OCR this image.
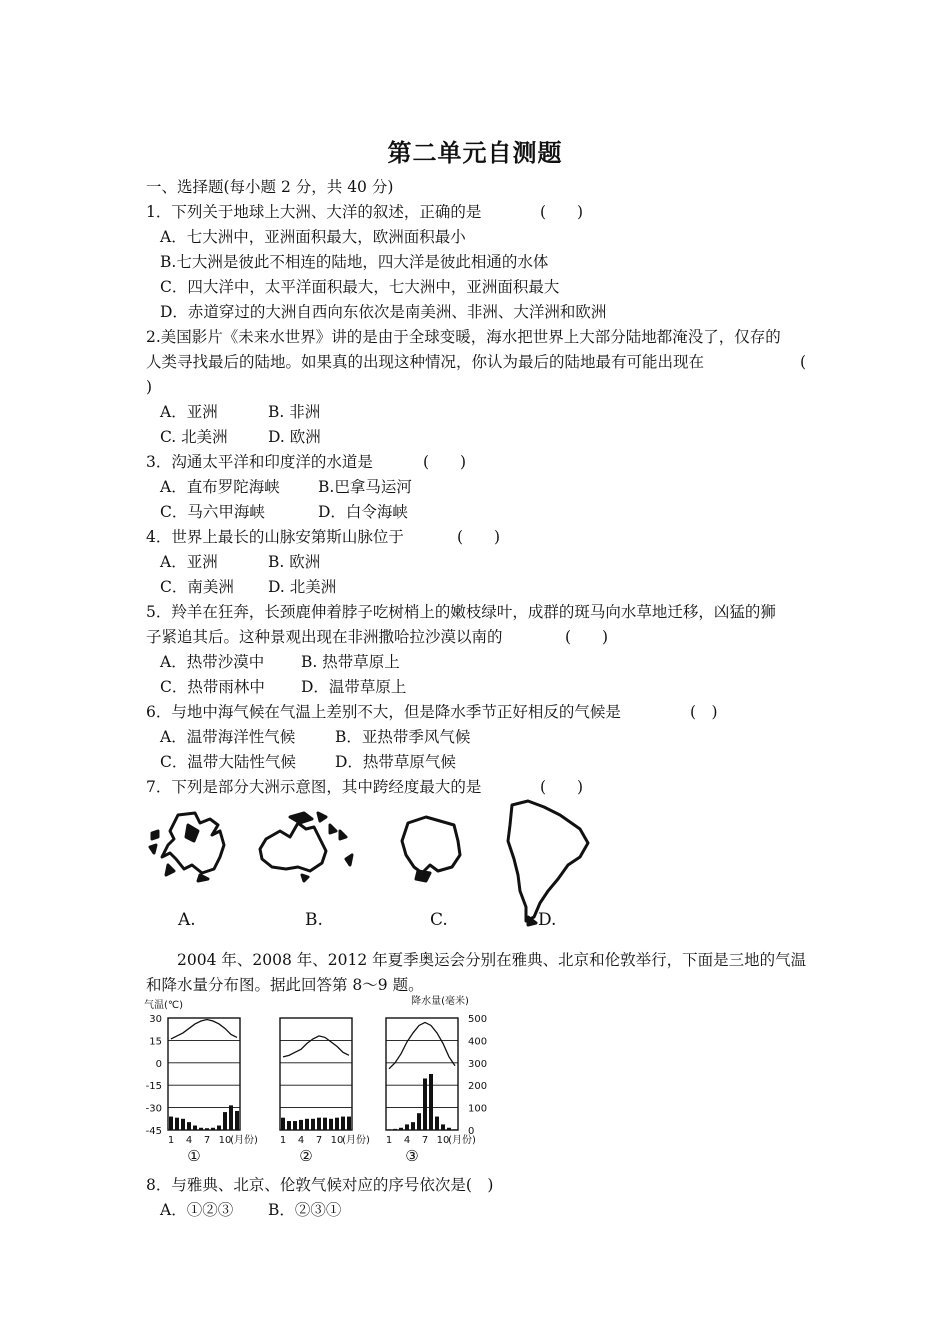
第二单元自测题
一、选择题(每小题 2 分，共 40 分)
1．下列关于地球上大洲、大洋的叙述，正确的是	(　　)
A．七大洲中，亚洲面积最大，欧洲面积最小
B.七大洲是彼此不相连的陆地，四大洋是彼此相通的水体
C．四大洋中，太平洋面积最大，七大洲中，亚洲面积最大
D．赤道穿过的大洲自西向东依次是南美洲、非洲、大洋洲和欧洲
2.美国影片《未来水世界》讲的是由于全球变暖，海水把世界上大部分陆地都淹没了，仅存的
人类寻找最后的陆地。如果真的出现这种情况，你认为最后的陆地最有可能出现在	(
)
A．亚洲	B. 非洲
C. 北美洲	D. 欧洲
3．沟通太平洋和印度洋的水道是	(　　)
A．直布罗陀海峡 B.巴拿马运河
C．马六甲海峡	D．白令海峡
4．世界上最长的山脉安第斯山脉位于	(　　)
A．亚洲	B. 欧洲
C．南美洲 D. 北美洲
5．羚羊在狂奔，长颈鹿伸着脖子吃树梢上的嫩枝绿叶，成群的斑马向水草地迁移，凶猛的狮
子紧追其后。这种景观出现在非洲撒哈拉沙漠以南的	(　　)
A．热带沙漠中 B. 热带草原上
C．热带雨林中 D．温带草原上
6．与地中海气候在气温上差别不大，但是降水季节正好相反的气候是	(　)
A．温带海洋性气候	B．亚热带季风气候
C．温带大陆性气候	D．热带草原气候
7．下列是部分大洲示意图，其中跨经度最大的是	(　　)
A.	B.	C.	D.
2004 年、2008 年、2012 年夏季奥运会分别在雅典、北京和伦敦举行，下面是三地的气温
和降水量分布图。据此回答第 8～9 题。
气温(℃)	降水量(毫米)
30
15
0
-15
-30
-45
500
400
300
200
100
0
1 4 7 10
(月份)
①
1 4 7 10
(月份)
②
1 4 7 10
(月份)
③
8．与雅典、北京、伦敦气候对应的序号依次是(　)
A．①②③ B．②③①
